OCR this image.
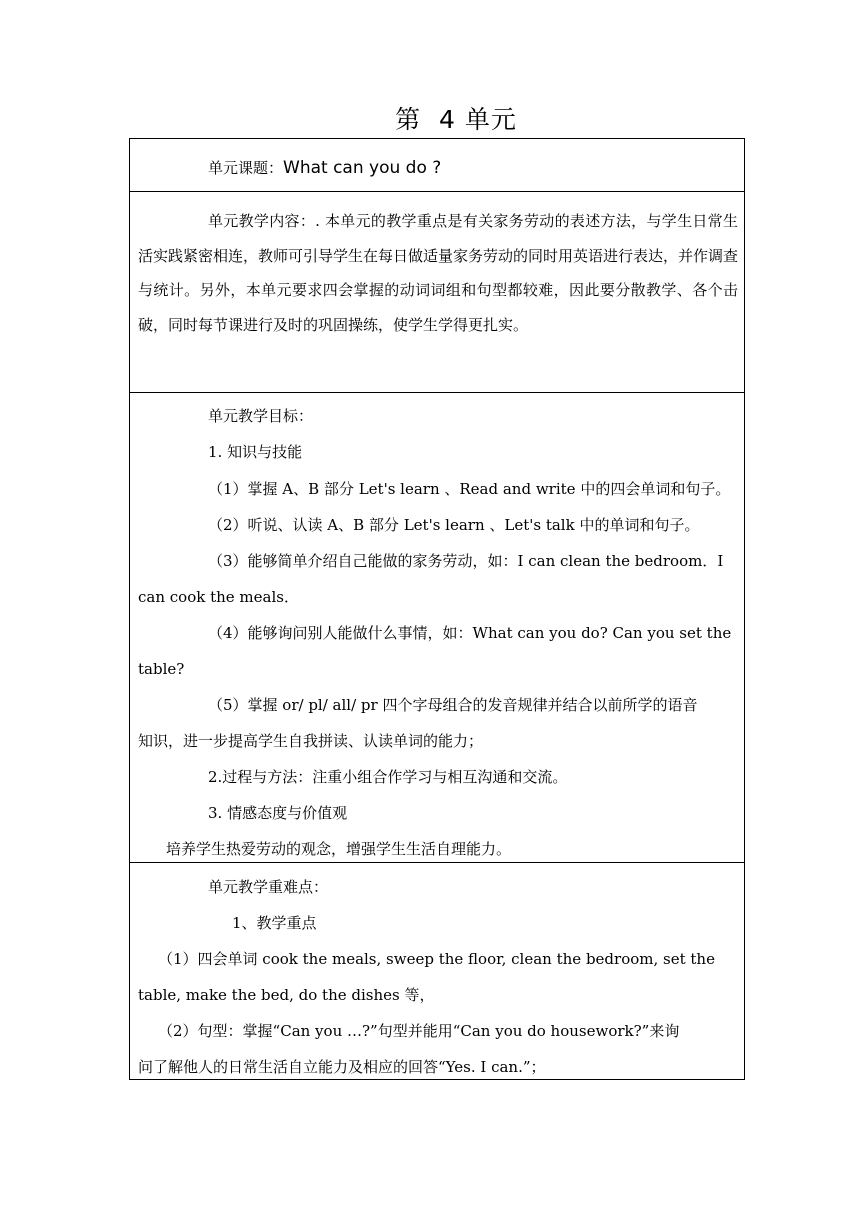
第  4 单元
单元课题：What can you do ?
单元教学内容：. 本单元的教学重点是有关家务劳动的表述方法，与学生日常生活实践紧密相连，教师可引导学生在每日做适量家务劳动的同时用英语进行表达，并作调查与统计。另外，本单元要求四会掌握的动词词组和句型都较难，因此要分散教学、各个击破，同时每节课进行及时的巩固操练，使学生学得更扎实。
单元教学目标：
1. 知识与技能
（1）掌握 A、B 部分 Let's learn 、Read and write 中的四会单词和句子。
（2）听说、认读 A、B 部分 Let's learn 、Let's talk 中的单词和句子。
（3）能够简单介绍自己能做的家务劳动，如：I can clean the bedroom．I
can cook the meals．
（4）能够询问别人能做什么事情，如：What can you do? Can you set the
table?
（5）掌握 or/ pl/ all/ pr 四个字母组合的发音规律并结合以前所学的语音
知识，进一步提高学生自我拼读、认读单词的能力；
2.过程与方法：注重小组合作学习与相互沟通和交流。
3. 情感态度与价值观
培养学生热爱劳动的观念，增强学生生活自理能力。
单元教学重难点：
1、教学重点
（1）四会单词 cook the meals, sweep the floor, clean the bedroom, set the
table, make the bed, do the dishes 等，
（2）句型：掌握“Can you …?”句型并能用“Can you do housework?”来询
问了解他人的日常生活自立能力及相应的回答“Yes. I can.”；
